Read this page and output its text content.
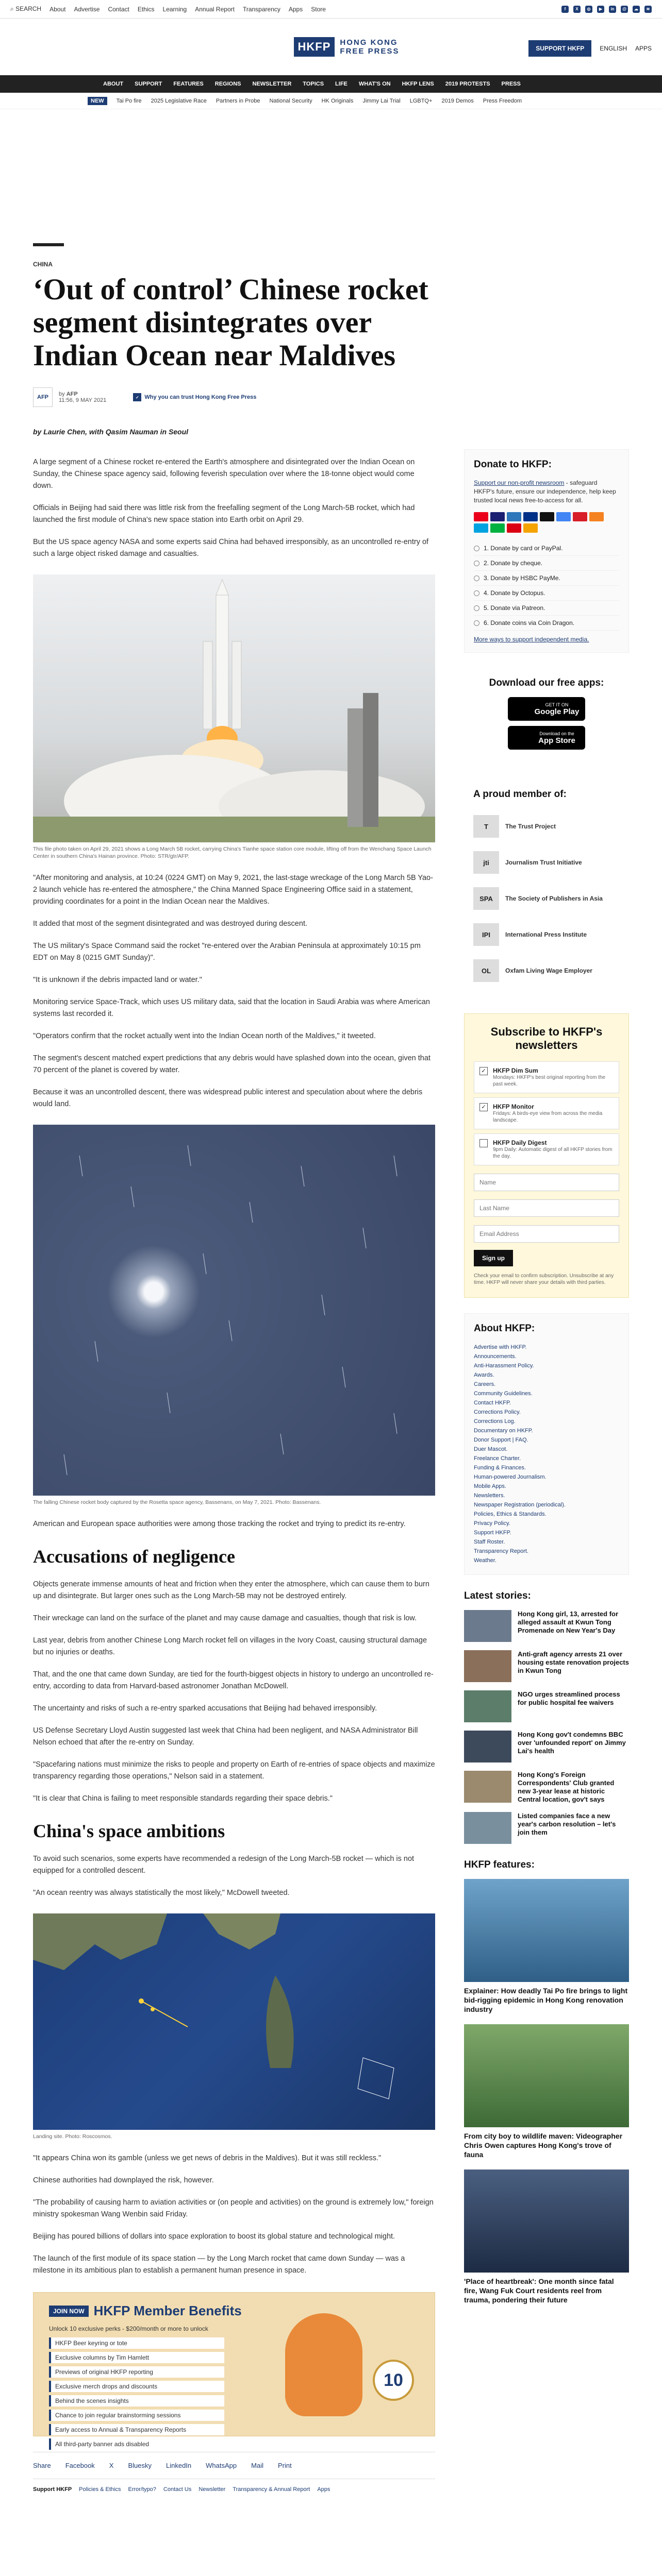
⌕ SEARCH About Advertise Contact Ethics Learning Annual Report Transparency Apps Store	f	X	◎	▶	in	@	☁	≋
HKFP	HONG KONG
FREE PRESS	SUPPORT HKFP	ENGLISH APPS
ABOUT SUPPORT FEATURES REGIONS NEWSLETTER TOPICS LIFE WHAT'S ON HKFP LENS 2019 PROTESTS PRESS
NEW	Tai Po fire 2025 Legislative Race Partners in Probe National Security HK Originals Jimmy Lai Trial LGBTQ+ 2019 Demos Press Freedom
CHINA
‘Out of control’ Chinese rocket segment disintegrates over Indian Ocean near Maldives
AFP	by AFP
11:56, 9 MAY 2021	✓ Why you can trust Hong Kong Free Press
by Laurie Chen, with Qasim Nauman in Seoul

A large segment of a Chinese rocket re-entered the Earth's atmosphere and disintegrated over the Indian Ocean on Sunday, the Chinese space agency said, following feverish speculation over where the 18-tonne object would come down.

Officials in Beijing had said there was little risk from the freefalling segment of the Long March-5B rocket, which had launched the first module of China's new space station into Earth orbit on April 29.

But the US space agency NASA and some experts said China had behaved irresponsibly, as an uncontrolled re-entry of such a large object risked damage and casualties.

This file photo taken on April 29, 2021 shows a Long March 5B rocket, carrying China's Tianhe space station core module, lifting off from the Wenchang Space Launch Center in southern China's Hainan province. Photo: STR/gtr/AFP.

"After monitoring and analysis, at 10:24 (0224 GMT) on May 9, 2021, the last-stage wreckage of the Long March 5B Yao-2 launch vehicle has re-entered the atmosphere," the China Manned Space Engineering Office said in a statement, providing coordinates for a point in the Indian Ocean near the Maldives.

It added that most of the segment disintegrated and was destroyed during descent.

The US military's Space Command said the rocket "re-entered over the Arabian Peninsula at approximately 10:15 pm EDT on May 8 (0215 GMT Sunday)".

"It is unknown if the debris impacted land or water."

Monitoring service Space-Track, which uses US military data, said that the location in Saudi Arabia was where American systems last recorded it.

"Operators confirm that the rocket actually went into the Indian Ocean north of the Maldives," it tweeted.

The segment's descent matched expert predictions that any debris would have splashed down into the ocean, given that 70 percent of the planet is covered by water.

Because it was an uncontrolled descent, there was widespread public interest and speculation about where the debris would land.

The falling Chinese rocket body captured by the Rosetta space agency, Bassenans, on May 7, 2021. Photo: Bassenans.

American and European space authorities were among those tracking the rocket and trying to predict its re-entry.

Accusations of negligence

Objects generate immense amounts of heat and friction when they enter the atmosphere, which can cause them to burn up and disintegrate. But larger ones such as the Long March-5B may not be destroyed entirely.

Their wreckage can land on the surface of the planet and may cause damage and casualties, though that risk is low.

Last year, debris from another Chinese Long March rocket fell on villages in the Ivory Coast, causing structural damage but no injuries or deaths.

That, and the one that came down Sunday, are tied for the fourth-biggest objects in history to undergo an uncontrolled re-entry, according to data from Harvard-based astronomer Jonathan McDowell.

The uncertainty and risks of such a re-entry sparked accusations that Beijing had behaved irresponsibly.

US Defense Secretary Lloyd Austin suggested last week that China had been negligent, and NASA Administrator Bill Nelson echoed that after the re-entry on Sunday.

"Spacefaring nations must minimize the risks to people and property on Earth of re-entries of space objects and maximize transparency regarding those operations," Nelson said in a statement.

"It is clear that China is failing to meet responsible standards regarding their space debris."

China's space ambitions

To avoid such scenarios, some experts have recommended a redesign of the Long March-5B rocket — which is not equipped for a controlled descent.

"An ocean reentry was always statistically the most likely," McDowell tweeted.

Landing site. Photo: Roscosmos.

"It appears China won its gamble (unless we get news of debris in the Maldives). But it was still reckless."

Chinese authorities had downplayed the risk, however.

"The probability of causing harm to aviation activities or (on people and activities) on the ground is extremely low," foreign ministry spokesman Wang Wenbin said Friday.

Beijing has poured billions of dollars into space exploration to boost its global stature and technological might.

The launch of the first module of its space station — by the Long March rocket that came down Sunday — was a milestone in its ambitious plan to establish a permanent human presence in space.

JOIN NOW HKFP Member Benefits
Unlock 10 exclusive perks - $200/month or more to unlock
HKFP Beer keyring or tote
Exclusive columns by Tim Hamlett
Previews of original HKFP reporting
Exclusive merch drops and discounts
Behind the scenes insights
Chance to join regular brainstorming sessions
Early access to Annual & Transparency Reports
All third-party banner ads disabled
10
Share Facebook X Bluesky LinkedIn WhatsApp Mail Print
Support HKFP Policies & Ethics Error/typo? Contact Us Newsletter Transparency & Annual Report Apps
Donate to HKFP:
Support our non-profit newsroom - safeguard HKFP's future, ensure our independence, help keep trusted local news free-to-access for all.
1. Donate by card or PayPal.
2. Donate by cheque.
3. Donate by HSBC PayMe.
4. Donate by Octopus.
5. Donate via Patreon.
6. Donate coins via Coin Dragon.
More ways to support independent media.
Download our free apps:
GET IT ON
Google Play
Download on the
App Store
A proud member of:
T	The Trust Project
jti	Journalism Trust Initiative
SPA	The Society of Publishers in Asia
IPI	International Press Institute
OL	Oxfam Living Wage Employer
Subscribe to HKFP's newsletters
✓ HKFP Dim Sum
Mondays: HKFP's best original reporting from the past week.
✓ HKFP Monitor
Fridays: A birds-eye view from across the media landscape.
HKFP Daily Digest
9pm Daily: Automatic digest of all HKFP stories from the day.
Name Last Name Email Address Sign up
Check your email to confirm subscription. Unsubscribe at any time. HKFP will never share your details with third parties.
About HKFP:
Advertise with HKFP.
Announcements.
Anti-Harassment Policy.
Awards.
Careers.
Community Guidelines.
Contact HKFP.
Corrections Policy.
Corrections Log.
Documentary on HKFP.
Donor Support | FAQ.
Duer Mascot.
Freelance Charter.
Funding & Finances.
Human-powered Journalism.
Mobile Apps.
Newsletters.
Newspaper Registration (periodical).
Policies, Ethics & Standards.
Privacy Policy.
Support HKFP.
Staff Roster.
Transparency Report.
Weather.
Latest stories:
Hong Kong girl, 13, arrested for alleged assault at Kwun Tong Promenade on New Year's Day
Anti-graft agency arrests 21 over housing estate renovation projects in Kwun Tong
NGO urges streamlined process for public hospital fee waivers
Hong Kong gov't condemns BBC over 'unfounded report' on Jimmy Lai's health
Hong Kong's Foreign Correspondents' Club granted new 3-year lease at historic Central location, gov't says
Listed companies face a new year's carbon resolution – let's join them
HKFP features:
Explainer: How deadly Tai Po fire brings to light bid-rigging epidemic in Hong Kong renovation industry
From city boy to wildlife maven: Videographer Chris Owen captures Hong Kong's trove of fauna
'Place of heartbreak': One month since fatal fire, Wang Fuk Court residents reel from trauma, pondering their future
